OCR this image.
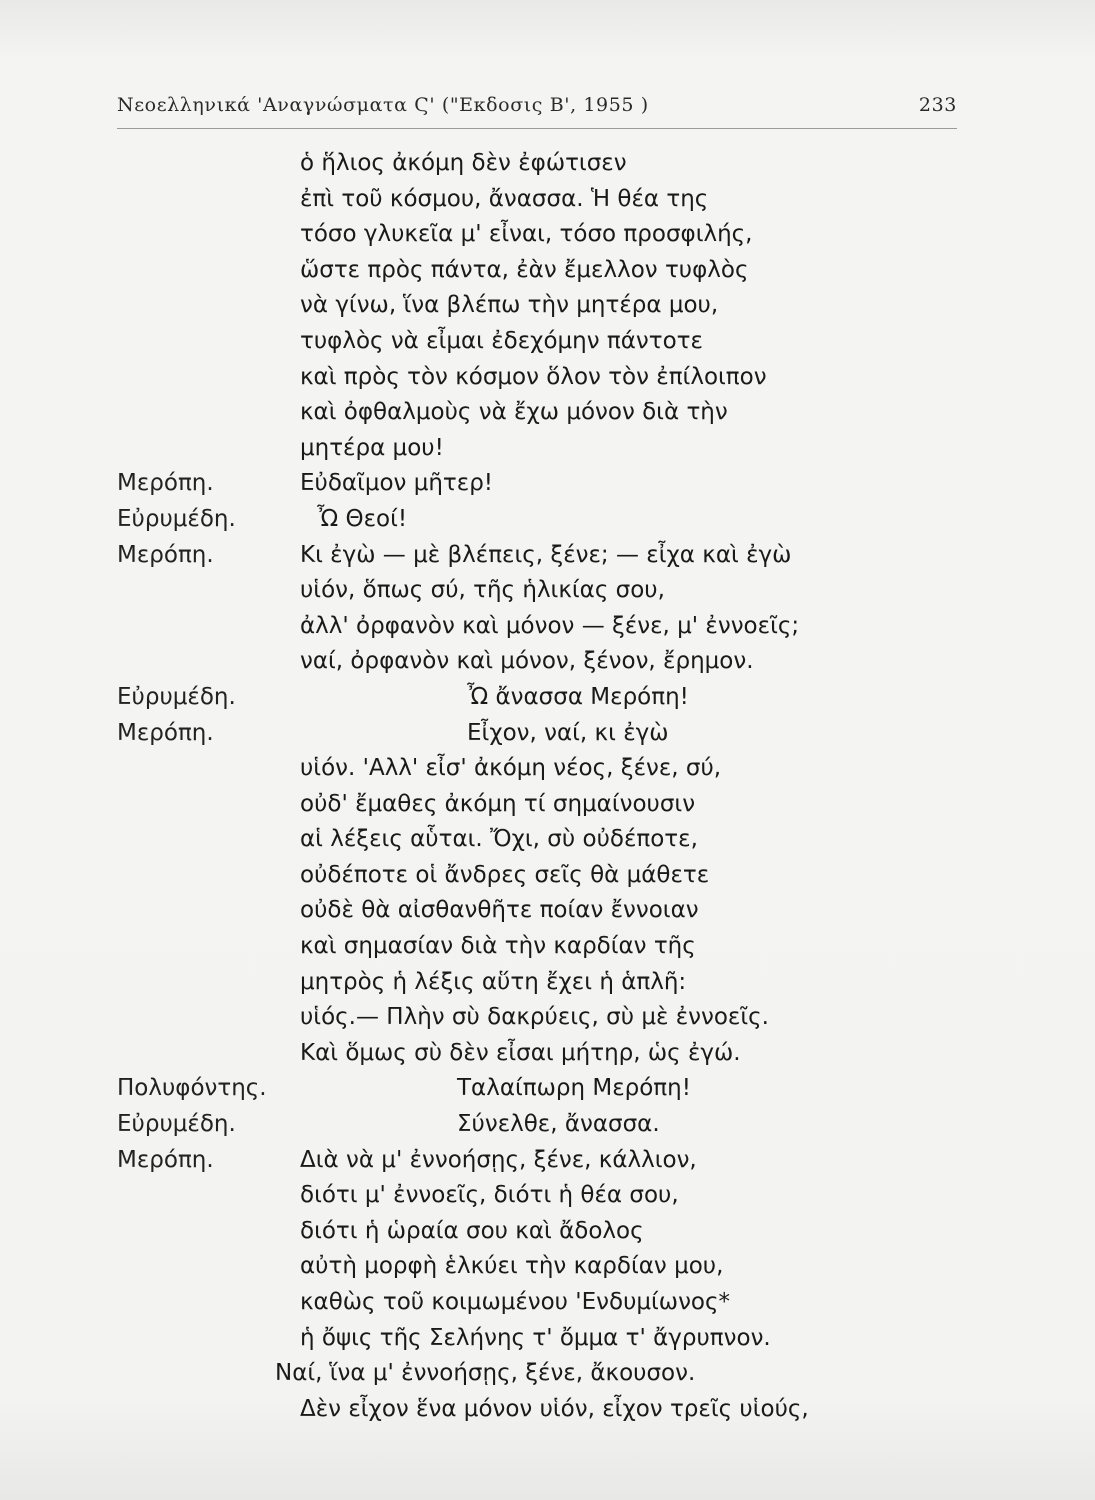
Νεοελληνικά 'Αναγνώσματα Ϛ' ("Εκδοσις Β', 1955 )	233
ὁ ἥλιος ἀκόμη δὲν ἐφώτισεν
ἐπὶ τοῦ κόσμου, ἄνασσα. Ἡ θέα της
τόσο γλυκεῖα μ' εἶναι, τόσο προσφιλής,
ὥστε πρὸς πάντα, ἐὰν ἔμελλον τυφλὸς
νὰ γίνω, ἵνα βλέπω τὴν μητέρα μου,
τυφλὸς νὰ εἶμαι ἐδεχόμην πάντοτε
καὶ πρὸς τὸν κόσμον ὅλον τὸν ἐπίλοιπον
καὶ ὀφθαλμοὺς νὰ ἔχω μόνον διὰ τὴν
μητέρα μου!
Μερόπη.	Εὐδαῖμον μῆτερ!
Εὐρυμέδη.	Ὦ Θεοί!
Μερόπη.	Κι ἐγὼ — μὲ βλέπεις, ξένε; — εἶχα καὶ ἐγὼ
υἱόν, ὅπως σύ, τῆς ἡλικίας σου,
ἀλλ' ὀρφανὸν καὶ μόνον — ξένε, μ' ἐννοεῖς;
ναί, ὀρφανὸν καὶ μόνον, ξένον, ἔρημον.
Εὐρυμέδη.	Ὦ ἄνασσα Μερόπη!
Μερόπη.	Εἶχον, ναί, κι ἐγὼ
υἱόν. 'Αλλ' εἶσ' ἀκόμη νέος, ξένε, σύ,
οὐδ' ἔμαθες ἀκόμη τί σημαίνουσιν
αἱ λέξεις αὗται. Ὄχι, σὺ οὐδέποτε,
οὐδέποτε οἱ ἄνδρες σεῖς θὰ μάθετε
οὐδὲ θὰ αἰσθανθῆτε ποίαν ἔννοιαν
καὶ σημασίαν διὰ τὴν καρδίαν τῆς
μητρὸς ἡ λέξις αὕτη ἔχει ἡ ἁπλῆ:
υἱός.— Πλὴν σὺ δακρύεις, σὺ μὲ ἐννοεῖς.
Καὶ ὅμως σὺ δὲν εἶσαι μήτηρ, ὡς ἐγώ.
Πολυφόντης.	Ταλαίπωρη Μερόπη!
Εὐρυμέδη.	Σύνελθε, ἄνασσα.
Μερόπη.	Διὰ νὰ μ' ἐννοήσῃς, ξένε, κάλλιον,
διότι μ' ἐννοεῖς, διότι ἡ θέα σου,
διότι ἡ ὡραία σου καὶ ἄδολος
αὐτὴ μορφὴ ἑλκύει τὴν καρδίαν μου,
καθὼς τοῦ κοιμωμένου 'Ενδυμίωνος*
ἡ ὄψις τῆς Σελήνης τ' ὄμμα τ' ἄγρυπνον.
Ναί, ἵνα μ' ἐννοήσῃς, ξένε, ἄκουσον.
Δὲν εἶχον ἕνα μόνον υἱόν, εἶχον τρεῖς υἱούς,
